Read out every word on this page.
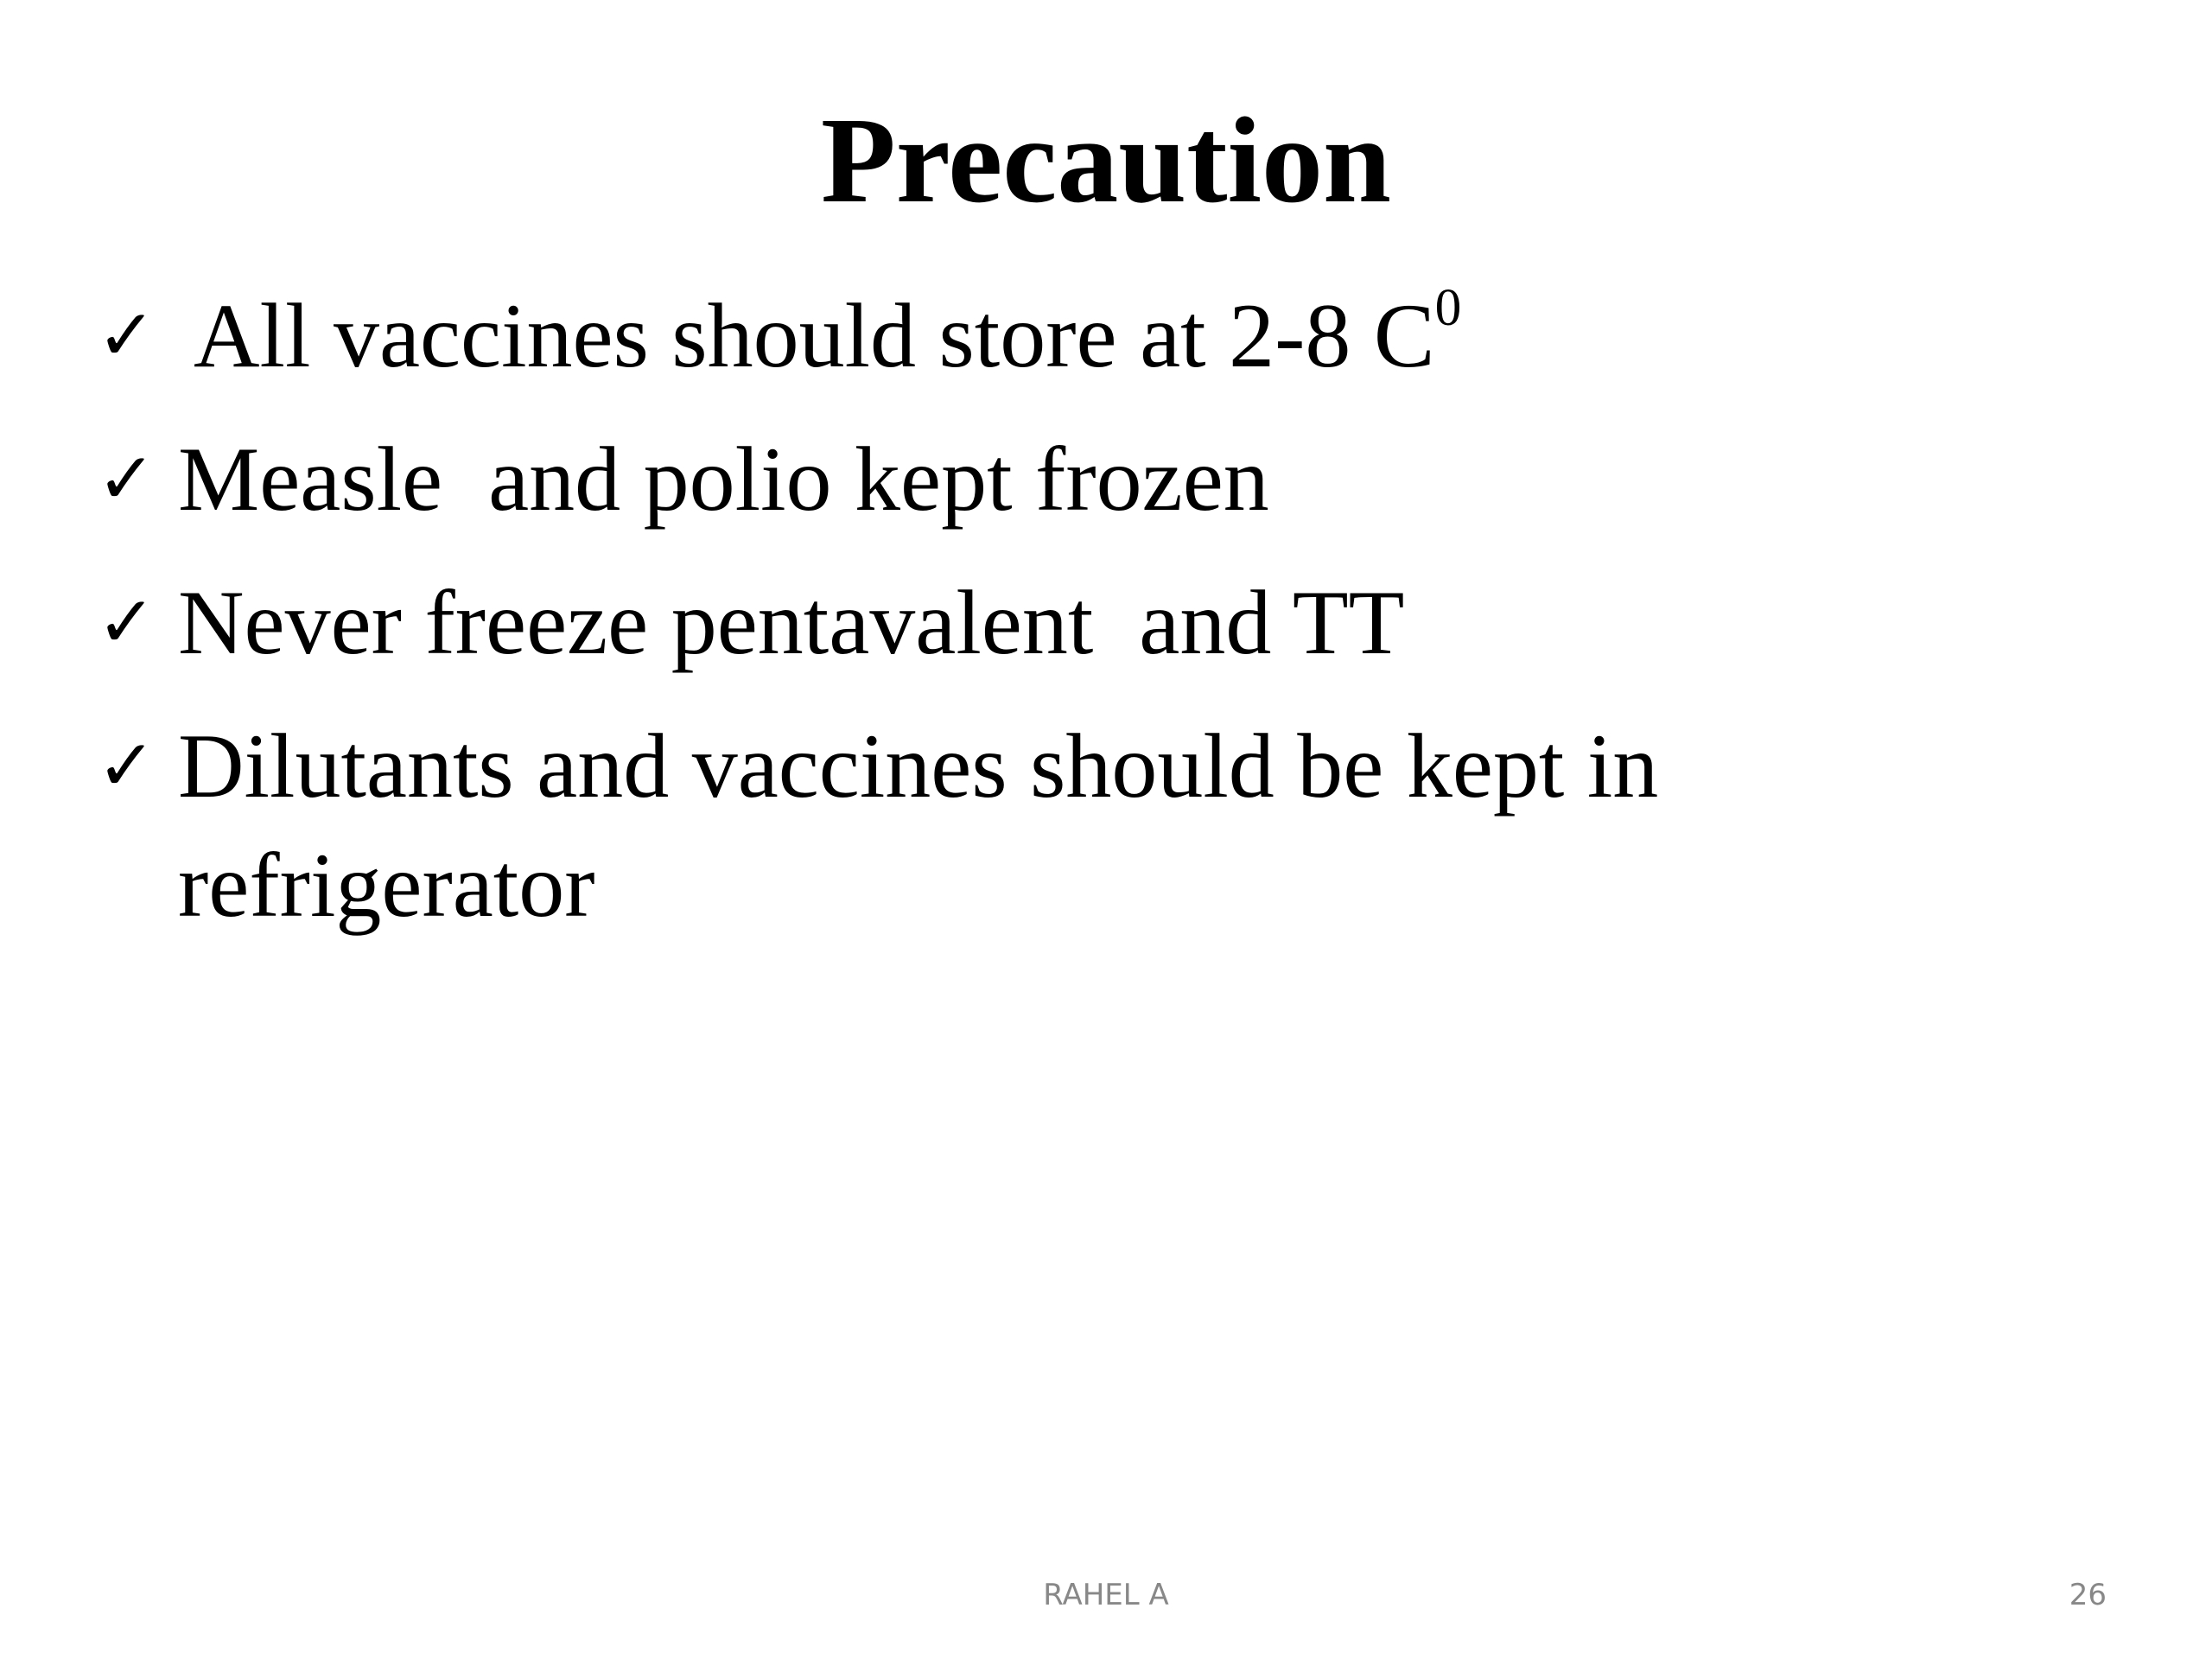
Precaution
✓ All vaccines should store at 2-8 $C^0$
✓ Measle  and polio kept frozen
✓ Never freeze pentavalent  and TT
✓ Dilutants and vaccines should be kept in refrigerator
RAHEL A	26
